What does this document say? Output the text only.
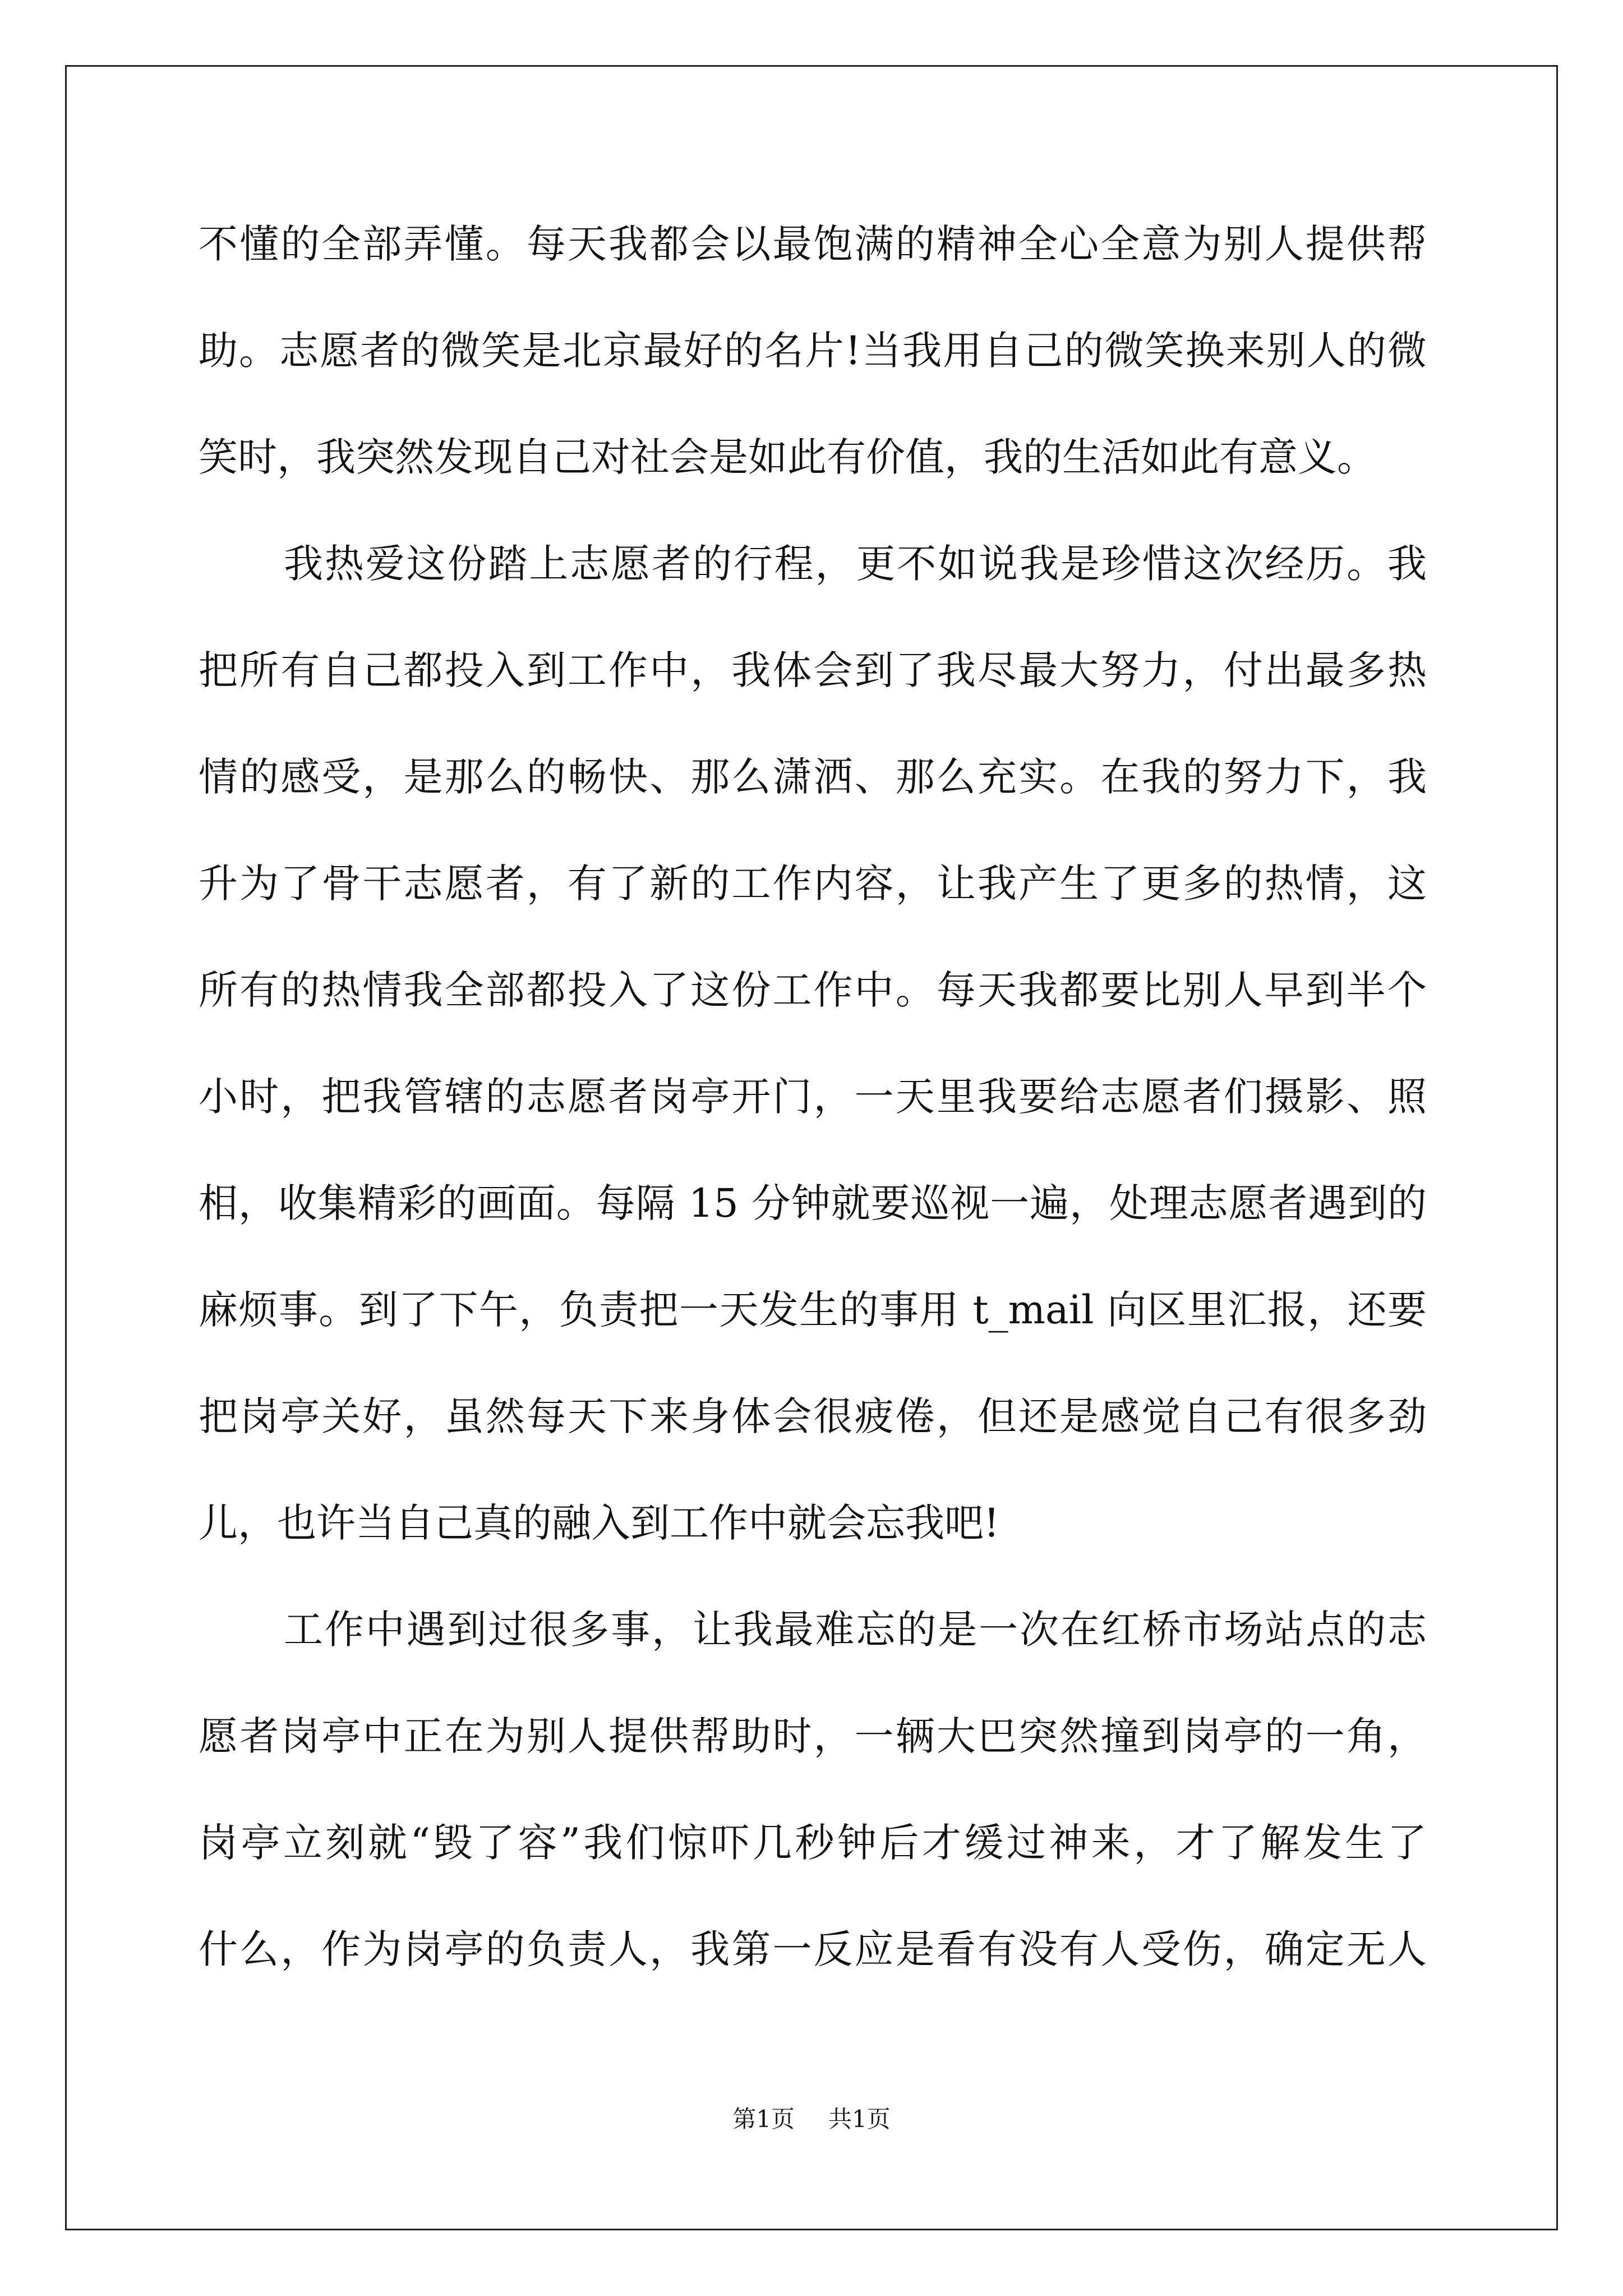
不懂的全部弄懂。每天我都会以最饱满的精神全心全意为别人提供帮
助。志愿者的微笑是北京最好的名片!当我用自己的微笑换来别人的微
笑时，我突然发现自己对社会是如此有价值，我的生活如此有意义。
我热爱这份踏上志愿者的行程，更不如说我是珍惜这次经历。我
把所有自己都投入到工作中，我体会到了我尽最大努力，付出最多热
情的感受，是那么的畅快、那么潇洒、那么充实。在我的努力下，我
升为了骨干志愿者，有了新的工作内容，让我产生了更多的热情，这
所有的热情我全部都投入了这份工作中。每天我都要比别人早到半个
小时，把我管辖的志愿者岗亭开门，一天里我要给志愿者们摄影、照
相，收集精彩的画面。每隔 15 分钟就要巡视一遍，处理志愿者遇到的
麻烦事。到了下午，负责把一天发生的事用 t_mail 向区里汇报，还要
把岗亭关好，虽然每天下来身体会很疲倦，但还是感觉自己有很多劲
儿，也许当自己真的融入到工作中就会忘我吧!
工作中遇到过很多事，让我最难忘的是一次在红桥市场站点的志
愿者岗亭中正在为别人提供帮助时，一辆大巴突然撞到岗亭的一角，
岗亭立刻就“毁了容”我们惊吓几秒钟后才缓过神来，才了解发生了
什么，作为岗亭的负责人，我第一反应是看有没有人受伤，确定无人
第1页 共1页
